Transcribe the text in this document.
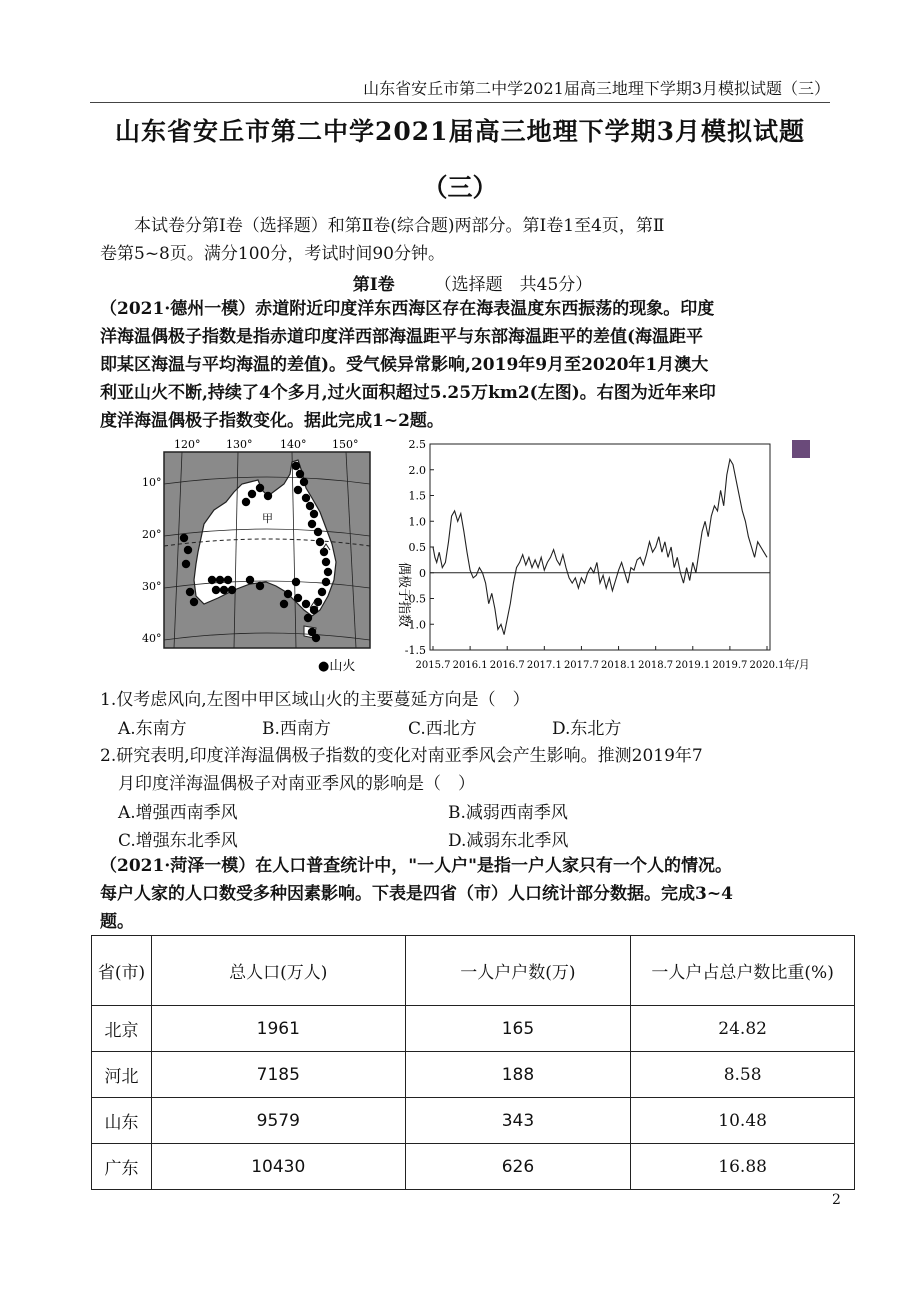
山东省安丘市第二中学2021届高三地理下学期3月模拟试题（三）
山东省安丘市第二中学2021届高三地理下学期3月模拟试题
（三）
本试卷分第Ⅰ卷（选择题）和第Ⅱ卷(综合题)两部分。第Ⅰ卷1至4页，第Ⅱ
卷第5~8页。满分100分，考试时间90分钟。
第Ⅰ卷 （选择题　共45分）
（2021·德州一模）赤道附近印度洋东西海区存在海表温度东西振荡的现象。印度
洋海温偶极子指数是指赤道印度洋西部海温距平与东部海温距平的差值(海温距平
即某区海温与平均海温的差值)。受气候异常影响,2019年9月至2020年1月澳大
利亚山火不断,持续了4个多月,过火面积超过5.25万km2(左图)。右图为近年来印
度洋海温偶极子指数变化。据此完成1~2题。
120° 130°	140° 150°
10°
20°
30°
40°
甲
●山火
偶极子指数
-1.5
-1.0
-0.5
0
0.5
1.0
1.5
2.0
2.5
2015.7 2016.1 2016.7 2017.1 2017.7 2018.1 2018.7 2019.1 2019.7 2020.1 年/月
1.仅考虑风向,左图中甲区域山火的主要蔓延方向是（　）
A.东南方	B.西南方	C.西北方	D.东北方
2.研究表明,印度洋海温偶极子指数的变化对南亚季风会产生影响。推测2019年7
月印度洋海温偶极子对南亚季风的影响是（　）
A.增强西南季风	B.减弱西南季风
C.增强东北季风	D.减弱东北季风
（2021·菏泽一模）在人口普查统计中，"一人户"是指一户人家只有一个人的情况。
每户人家的人口数受多种因素影响。下表是四省（市）人口统计部分数据。完成3~4
题。
省(市)	总人口(万人)	一人户户数(万)	一人户占总户数比重(%)
北京	1961	165	24.82
河北	7185	188	8.58
山东	9579	343	10.48
广东	10430	626	16.88
2
